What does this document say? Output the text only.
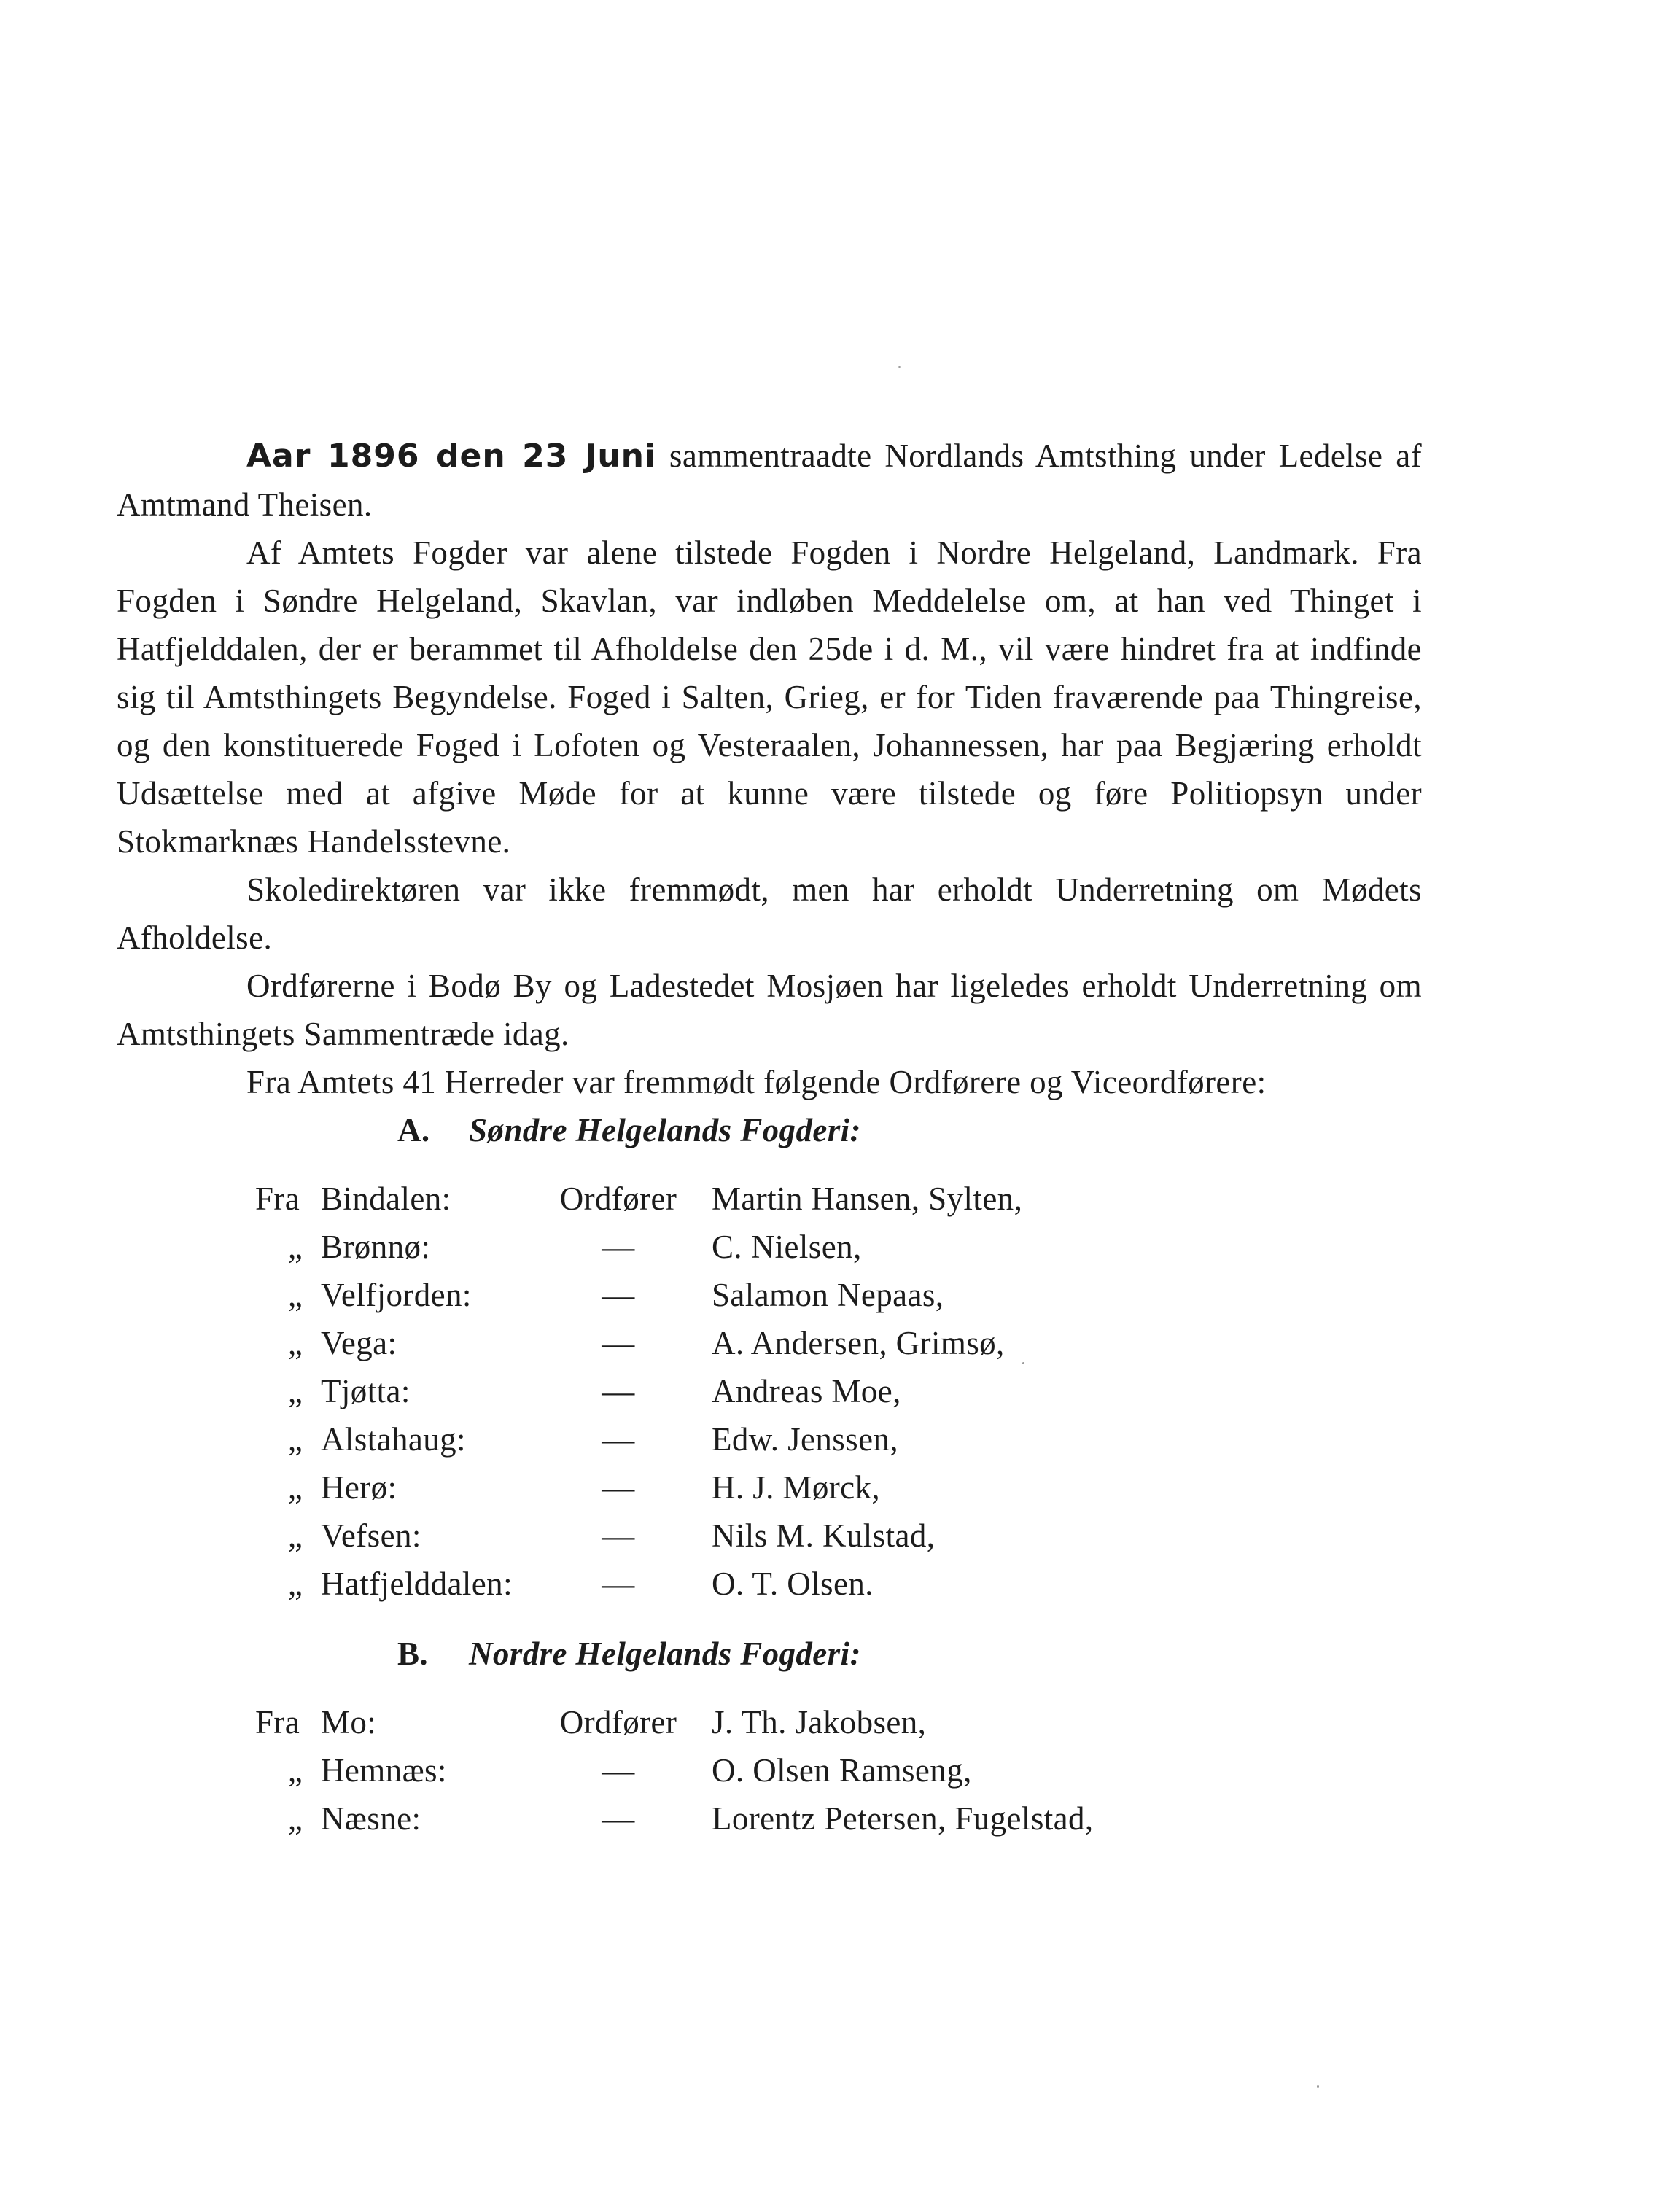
Aar 1896 den 23 Juni sammentraadte Nordlands Amtsthing under Ledelse af Amtmand Theisen.

Af Amtets Fogder var alene tilstede Fogden i Nordre Helgeland, Landmark. Fra Fogden i Søndre Helgeland, Skavlan, var indløben Meddelelse om, at han ved Thinget i Hatfjelddalen, der er berammet til Afholdelse den 25de i d. M., vil være hindret fra at indfinde sig til Amtsthingets Begyndelse. Foged i Salten, Grieg, er for Tiden fraværende paa Thingreise, og den konstituerede Foged i Lofoten og Vesteraalen, Johannessen, har paa Begjæring erholdt Udsættelse med at afgive Møde for at kunne være tilstede og føre Politiopsyn under Stokmarknæs Handelsstevne.

Skoledirektøren var ikke fremmødt, men har erholdt Underretning om Mødets Afholdelse.

Ordførerne i Bodø By og Ladestedet Mosjøen har ligeledes erholdt Underretning om Amtsthingets Sammentræde idag.

Fra Amtets 41 Herreder var fremmødt følgende Ordførere og Viceordførere:

A. Søndre Helgelands Fogderi:
Fra Bindalen:	Ordfører	Martin Hansen, Sylten,
„ Brønnø:	—	C. Nielsen,
„ Velfjorden:	—	Salamon Nepaas,
„ Vega:	—	A. Andersen, Grimsø,
„ Tjøtta:	—	Andreas Moe,
„ Alstahaug:	—	Edw. Jenssen,
„ Herø:	—	H. J. Mørck,
„ Vefsen:	—	Nils M. Kulstad,
„ Hatfjelddalen:	—	O. T. Olsen.
B. Nordre Helgelands Fogderi:
Fra Mo:	Ordfører	J. Th. Jakobsen,
„ Hemnæs:	—	O. Olsen Ramseng,
„ Næsne:	—	Lorentz Petersen, Fugelstad,
